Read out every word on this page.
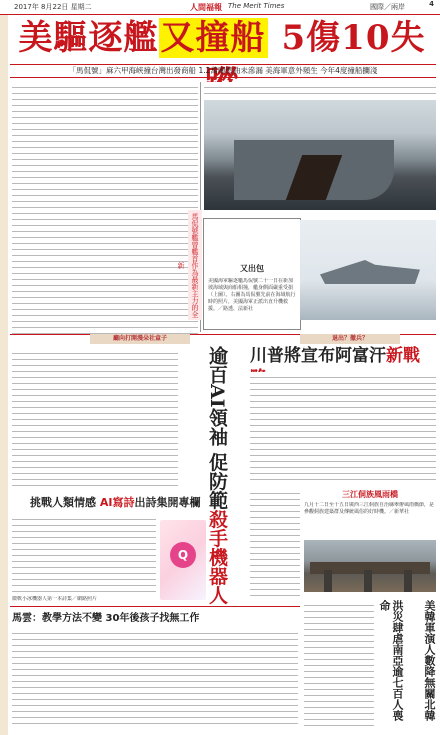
2017年 8月22日 星期二	人間福報 The Merit Times	國際／兩岸	4
美驅逐艦又撞船 5傷10失
「馬侃號」麻六甲海峽撞台灣出發商船 1.2萬噸燃油未滲漏 美海軍意外頻生 今年4度撞船攔淺
馬侃號艦曾艦首作為最新主力的全新	又出包
美國海軍驅逐艦馬侃號二十一日在新加坡海域與商船相撞，艦身側面嚴重受損（上圖）。右圖為馬侃號先前在海域航行時的照片，美國海軍正派出直升機救援。／路透、法新社
廳向打開漫朵社盒子	退出？撤兵？
逾百AI領袖 促防範殺手機器人
川普將宣布阿富汗新戰
三江侗族風雨橋
九月十二日至十五日廣西三江侗族自治縣舉辦風雨橋節，是參觀侗族建築群及傳統風俗的好時機。／新華社
挑戰人類情感 AI寫詩出詩集開專欄
Q
微軟小冰機器人第一本詩集／網路照片
馬雲：教學方法不變 30年後孩子找無工作	洪災肆虐南亞逾七百人喪命	美韓軍演人數降無關北韓
